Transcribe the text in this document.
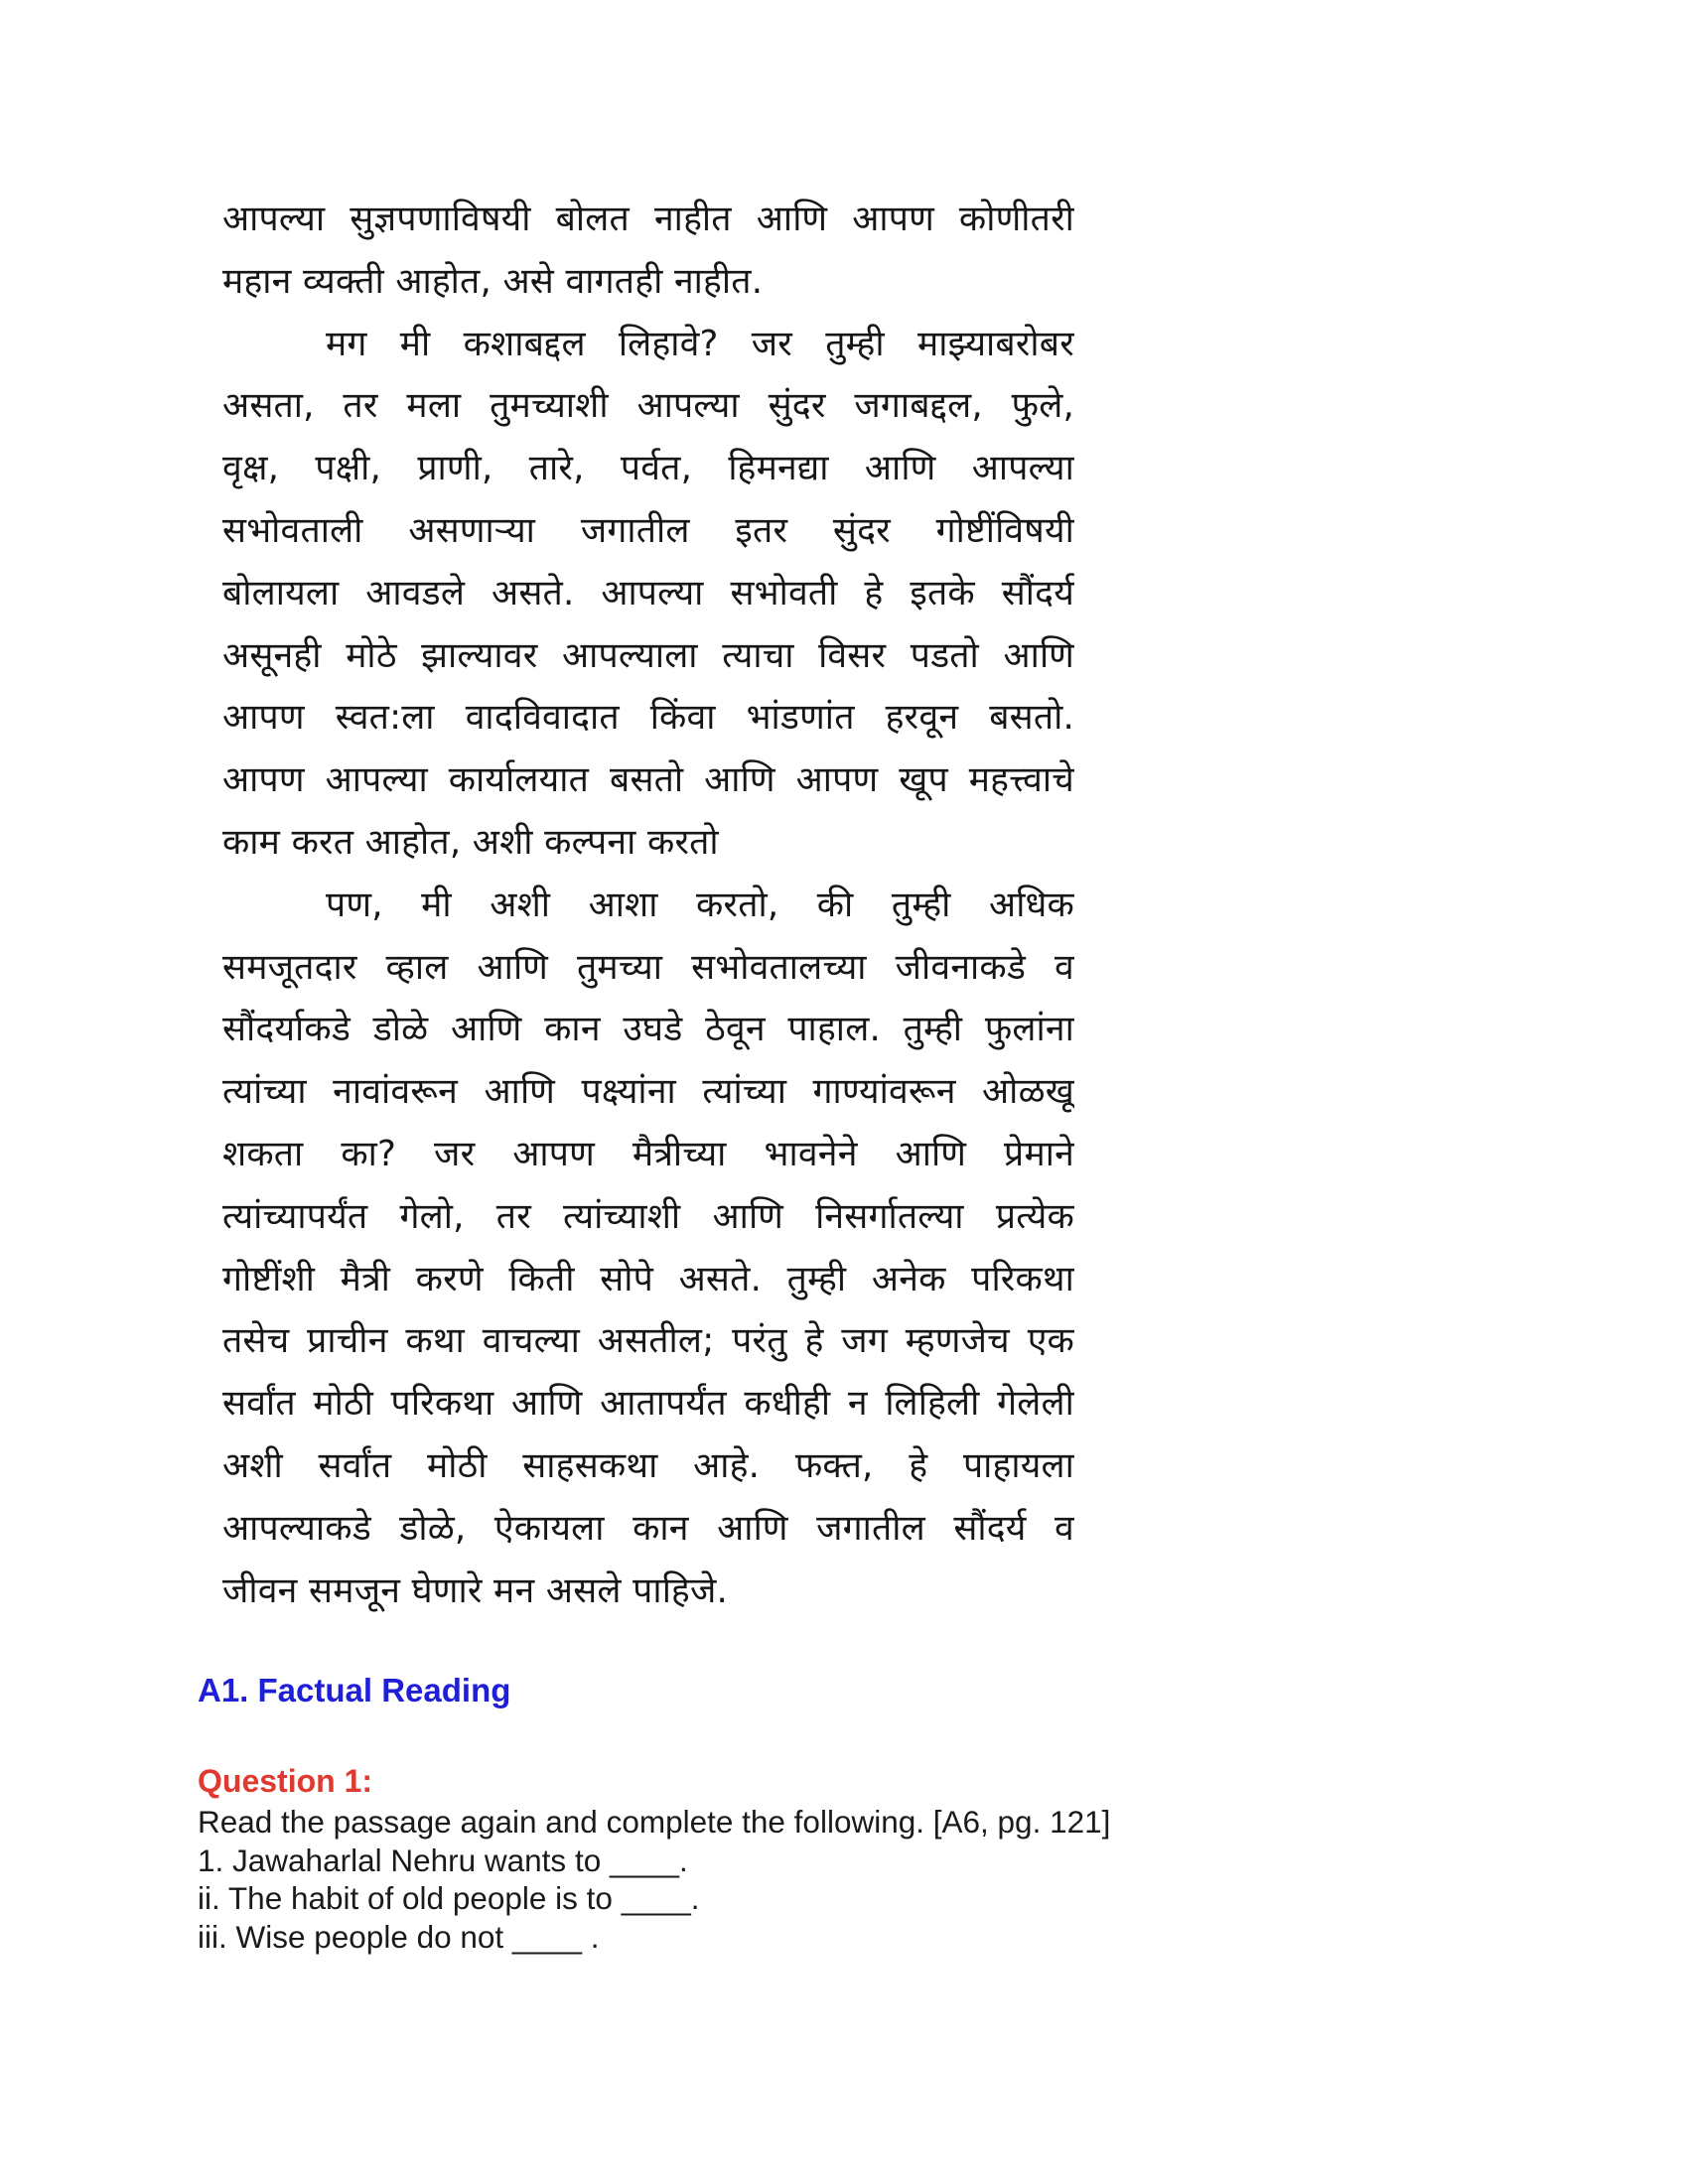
आपल्या सुज्ञपणाविषयी बोलत नाहीत आणि आपण कोणीतरी
महान व्यक्ती आहोत, असे वागतही नाहीत.
मग मी कशाबद्दल लिहावे? जर तुम्ही माझ्याबरोबर
असता, तर मला तुमच्याशी आपल्या सुंदर जगाबद्दल, फुले,
वृक्ष, पक्षी, प्राणी, तारे, पर्वत, हिमनद्या आणि आपल्या
सभोवताली असणाऱ्या जगातील इतर सुंदर गोष्टींविषयी
बोलायला आवडले असते. आपल्या सभोवती हे इतके सौंदर्य
असूनही मोठे झाल्यावर आपल्याला त्याचा विसर पडतो आणि
आपण स्वत:ला वादविवादात किंवा भांडणांत हरवून बसतो.
आपण आपल्या कार्यालयात बसतो आणि आपण खूप महत्त्वाचे
काम करत आहोत, अशी कल्पना करतो
पण, मी अशी आशा करतो, की तुम्ही अधिक
समजूतदार व्हाल आणि तुमच्या सभोवतालच्या जीवनाकडे व
सौंदर्याकडे डोळे आणि कान उघडे ठेवून पाहाल. तुम्ही फुलांना
त्यांच्या नावांवरून आणि पक्ष्यांना त्यांच्या गाण्यांवरून ओळखू
शकता का? जर आपण मैत्रीच्या भावनेने आणि प्रेमाने
त्यांच्यापर्यंत गेलो, तर त्यांच्याशी आणि निसर्गातल्या प्रत्येक
गोष्टींशी मैत्री करणे किती सोपे असते. तुम्ही अनेक परिकथा
तसेच प्राचीन कथा वाचल्या असतील; परंतु हे जग म्हणजेच एक
सर्वांत मोठी परिकथा आणि आतापर्यंत कधीही न लिहिली गेलेली
अशी सर्वांत मोठी साहसकथा आहे. फक्त, हे पाहायला
आपल्याकडे डोळे, ऐकायला कान आणि जगातील सौंदर्य व
जीवन समजून घेणारे मन असले पाहिजे.
A1. Factual Reading
Question 1:
Read the passage again and complete the following. [A6, pg. 121]
1. Jawaharlal Nehru wants to ____.
ii. The habit of old people is to ____.
iii. Wise people do not ____ .
